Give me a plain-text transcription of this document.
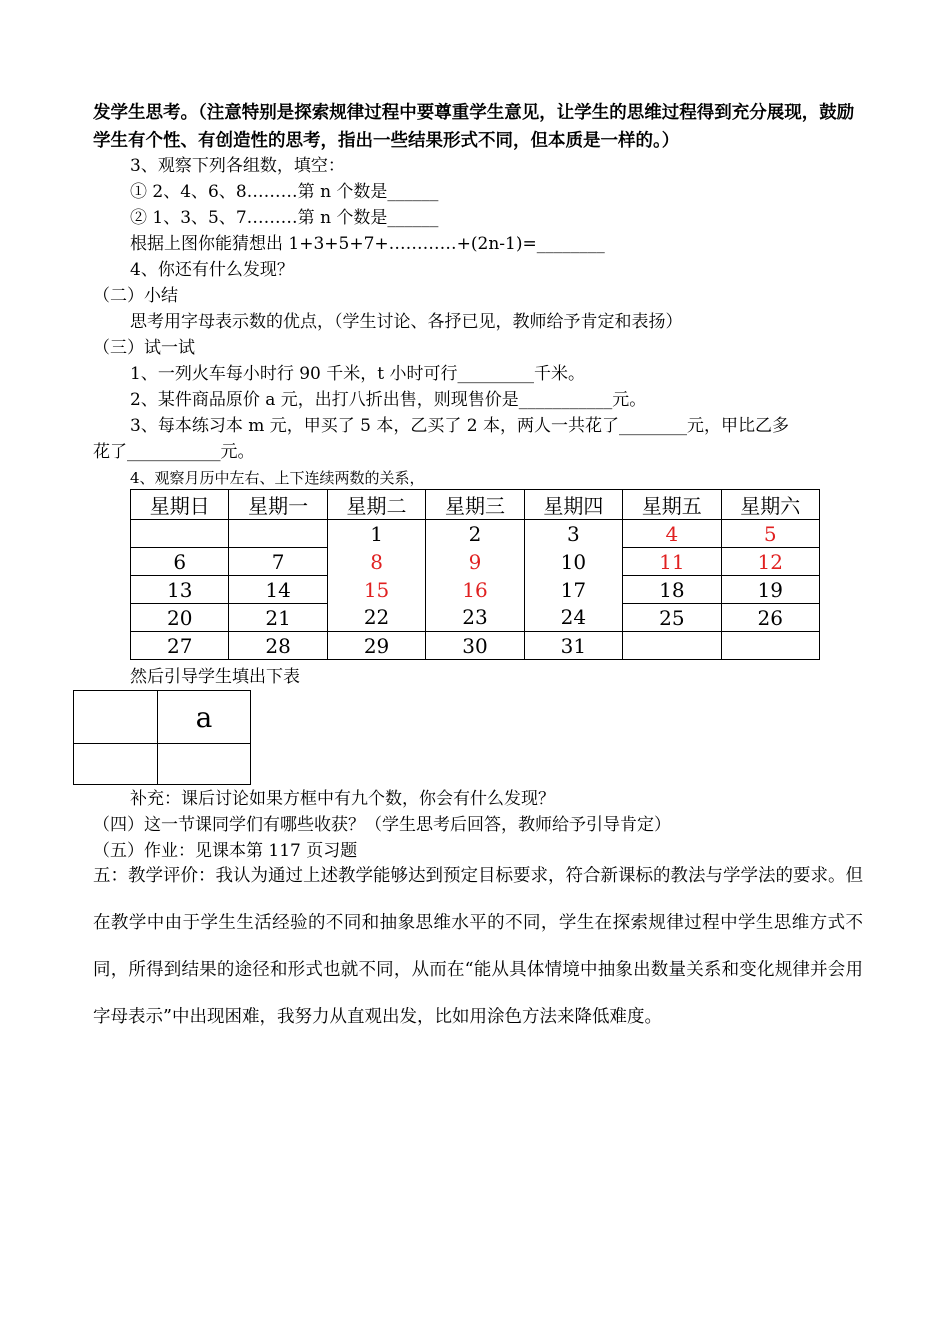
发学生思考。（注意特别是探索规律过程中要尊重学生意见，让学生的思维过程得到充分展现，鼓励学生有个性、有创造性的思考，指出一些结果形式不同，但本质是一样的。）
3、观察下列各组数，填空：
① 2、4、6、8………第 n 个数是______
② 1、3、5、7………第 n 个数是______
根据上图你能猜想出 1+3+5+7+…………+(2n-1)=________
4、你还有什么发现？
（二）小结
思考用字母表示数的优点，（学生讨论、各抒已见，教师给予肯定和表扬）
（三）试一试
1、一列火车每小时行 90 千米，t 小时可行_________千米。
2、某件商品原价 a 元，出打八折出售，则现售价是___________元。
3、每本练习本 m 元，甲买了 5 本，乙买了 2 本，两人一共花了________元，甲比乙多
花了___________元。
4、观察月历中左右、上下连续两数的关系，
星期日	星期一	星期二	星期三	星期四	星期五	星期六
		1	2	3	4	5
6	7	8	9	10	11	12
13	14	15	16	17	18	19
20	21	22	23	24	25	26
27	28	29	30	31		
然后引导学生填出下表
	a

补充：课后讨论如果方框中有九个数，你会有什么发现？
（四）这一节课同学们有哪些收获？（学生思考后回答，教师给予引导肯定）
（五）作业：见课本第 117 页习题
五：教学评价：我认为通过上述教学能够达到预定目标要求，符合新课标的教法与学学法的要求。但在教学中由于学生生活经验的不同和抽象思维水平的不同，学生在探索规律过程中学生思维方式不同，所得到结果的途径和形式也就不同，从而在“能从具体情境中抽象出数量关系和变化规律并会用字母表示”中出现困难，我努力从直观出发，比如用涂色方法来降低难度。
